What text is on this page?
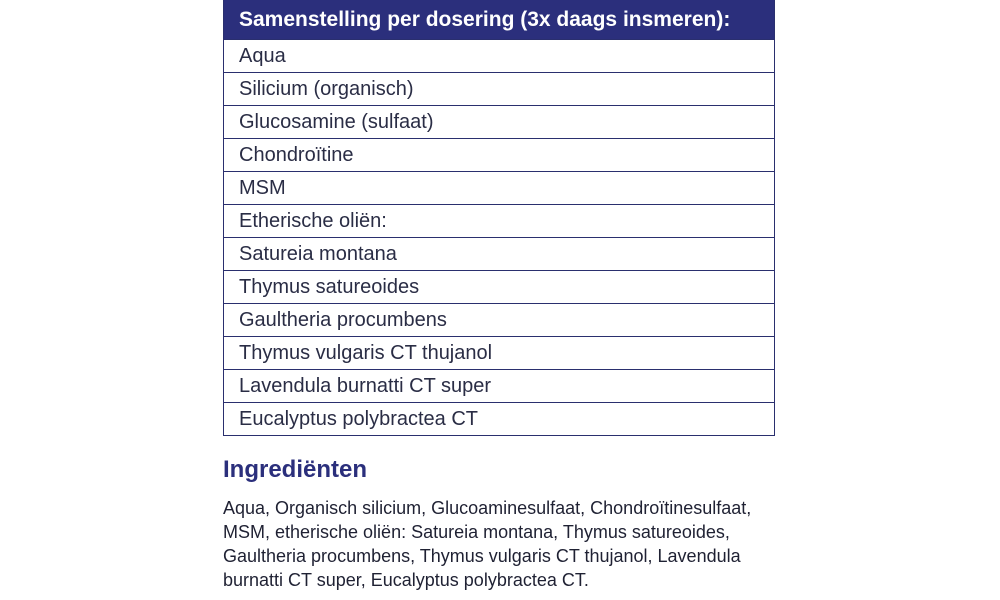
Samenstelling per dosering (3x daags insmeren):
Aqua
Silicium (organisch)
Glucosamine (sulfaat)
Chondroïtine
MSM
Etherische oliën:
Satureia montana
Thymus satureoides
Gaultheria procumbens
Thymus vulgaris CT thujanol
Lavendula burnatti CT super
Eucalyptus polybractea CT
Ingrediënten

Aqua, Organisch silicium, Glucoaminesulfaat, Chondroïtinesulfaat, MSM, etherische oliën: Satureia montana, Thymus satureoides, Gaultheria procumbens, Thymus vulgaris CT thujanol, Lavendula burnatti CT super, Eucalyptus polybractea CT.
